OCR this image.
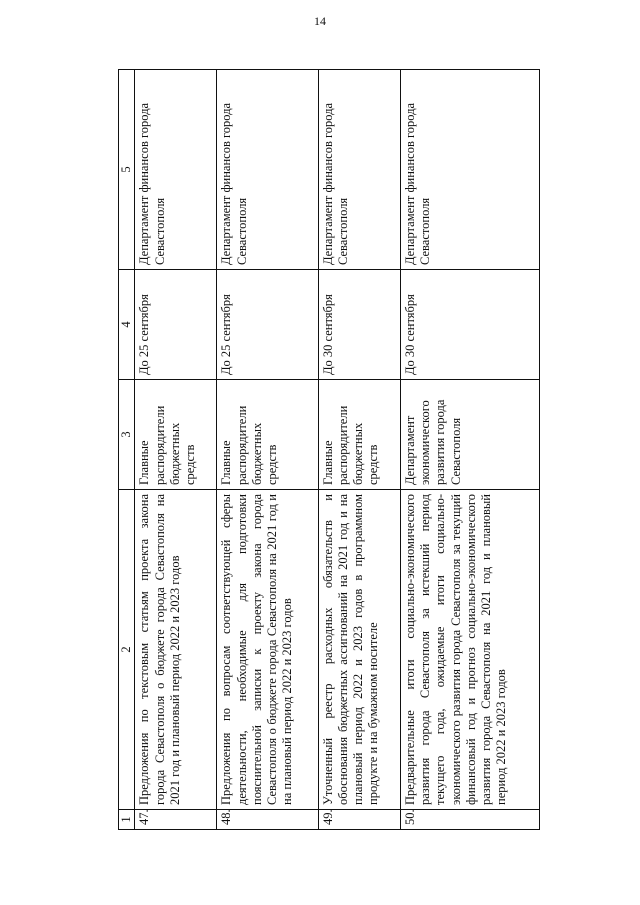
14
1	2	3	4	5
47.	Предложения по текстовым статьям проекта закона города Севастополя о бюджете города Севастополя на 2021 год и плановый период 2022 и 2023 годов	Главные распорядители бюджетных средств	До 25 сентября	Департамент финансов города Севастополя
48.	Предложения по вопросам соответствующей сферы деятельности, необходимые для подготовки пояснительной записки к проекту закона города Севастополя о бюджете города Севастополя на 2021 год и на плановый период 2022 и 2023 годов	Главные распорядители бюджетных средств	До 25 сентября	Департамент финансов города Севастополя
49.	Уточненный реестр расходных обязательств и обоснования бюджетных ассигнований на 2021 год и на плановый период 2022 и 2023 годов в программном продукте и на бумажном носителе	Главные распорядители бюджетных средств	До 30 сентября	Департамент финансов города Севастополя
50.	Предварительные итоги социально-экономического развития города Севастополя за истекший период текущего года, ожидаемые итоги социально-экономического развития города Севастополя за текущий финансовый год и прогноз социально-экономического развития города Севастополя на 2021 год и плановый период 2022 и 2023 годов	Департамент экономического развития города Севастополя	До 30 сентября	Департамент финансов города Севастополя
